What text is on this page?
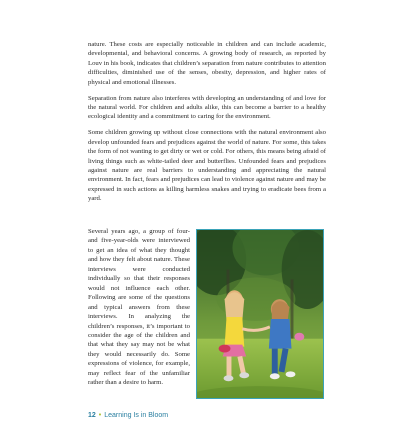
nature. These costs are especially noticeable in children and can include academic, developmental, and behavioral concerns. A growing body of research, as reported by Louv in his book, indicates that children’s separation from nature contributes to attention difficulties, diminished use of the senses, obesity, depression, and higher rates of physical and emotional illnesses.

Separation from nature also interferes with developing an understanding of and love for the natural world. For children and adults alike, this can become a barrier to a healthy ecological identity and a commitment to caring for the environment.

Some children growing up without close connections with the natural environment also develop unfounded fears and prejudices against the world of nature. For some, this takes the form of not wanting to get dirty or wet or cold. For others, this means being afraid of living things such as white-tailed deer and butterflies. Unfounded fears and prejudices against nature are real barriers to understanding and appreciating the natural environment. In fact, fears and prejudices can lead to violence against nature and may be expressed in such actions as killing harmless snakes and trying to eradicate bees from a yard.

Several years ago, a group of four- and five-year-olds were interviewed to get an idea of what they thought and how they felt about nature. These interviews were conducted individually so that their responses would not influence each other. Following are some of the questions and typical answers from these interviews. In analyzing the children’s responses, it’s important to consider the age of the children and that what they say may not be what they would necessarily do. Some expressions of violence, for example, may reflect fear of the unfamiliar rather than a desire to harm.

12 • Learning Is in Bloom
